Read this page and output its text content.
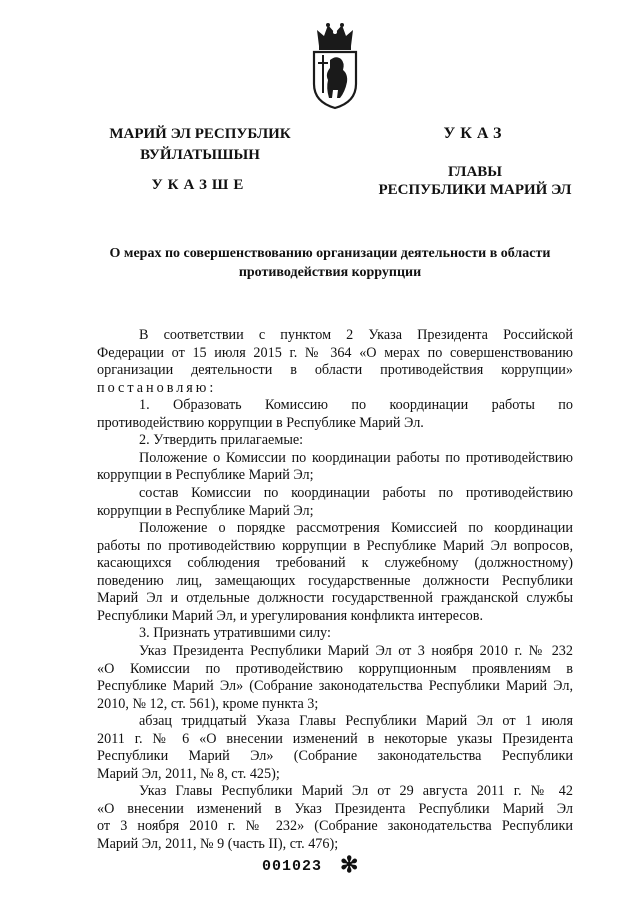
МАРИЙ ЭЛ РЕСПУБЛИК
ВУЙЛАТЫШЫН
УКАЗШЕ
УКАЗ
ГЛАВЫ
РЕСПУБЛИКИ МАРИЙ ЭЛ
О мерах по совершенствованию организации деятельности в области
противодействия коррупции
В соответствии с пунктом 2 Указа Президента Российской
Федерации от 15 июля 2015 г. № 364 «О мерах по совершенствованию
организации деятельности в области противодействия коррупции»
постановляю:
1. Образовать Комиссию по координации работы по
противодействию коррупции в Республике Марий Эл.
2. Утвердить прилагаемые:
Положение о Комиссии по координации работы по противодействию
коррупции в Республике Марий Эл;
состав Комиссии по координации работы по противодействию
коррупции в Республике Марий Эл;
Положение о порядке рассмотрения Комиссией по координации
работы по противодействию коррупции в Республике Марий Эл вопросов,
касающихся соблюдения требований к служебному (должностному)
поведению лиц, замещающих государственные должности Республики
Марий Эл и отдельные должности государственной гражданской службы
Республики Марий Эл, и урегулирования конфликта интересов.
3. Признать утратившими силу:
Указ Президента Республики Марий Эл от 3 ноября 2010 г. № 232
«О Комиссии по противодействию коррупционным проявлениям в
Республике Марий Эл» (Собрание законодательства Республики Марий Эл,
2010, № 12, ст. 561), кроме пункта 3;
абзац тридцатый Указа Главы Республики Марий Эл от 1 июля
2011 г. № 6 «О внесении изменений в некоторые указы Президента
Республики Марий Эл» (Собрание законодательства Республики
Марий Эл, 2011, № 8, ст. 425);
Указ Главы Республики Марий Эл от 29 августа 2011 г. № 42
«О внесении изменений в Указ Президента Республики Марий Эл
от 3 ноября 2010 г. № 232» (Собрание законодательства Республики
Марий Эл, 2011, № 9 (часть II), ст. 476);
001023 ✻
